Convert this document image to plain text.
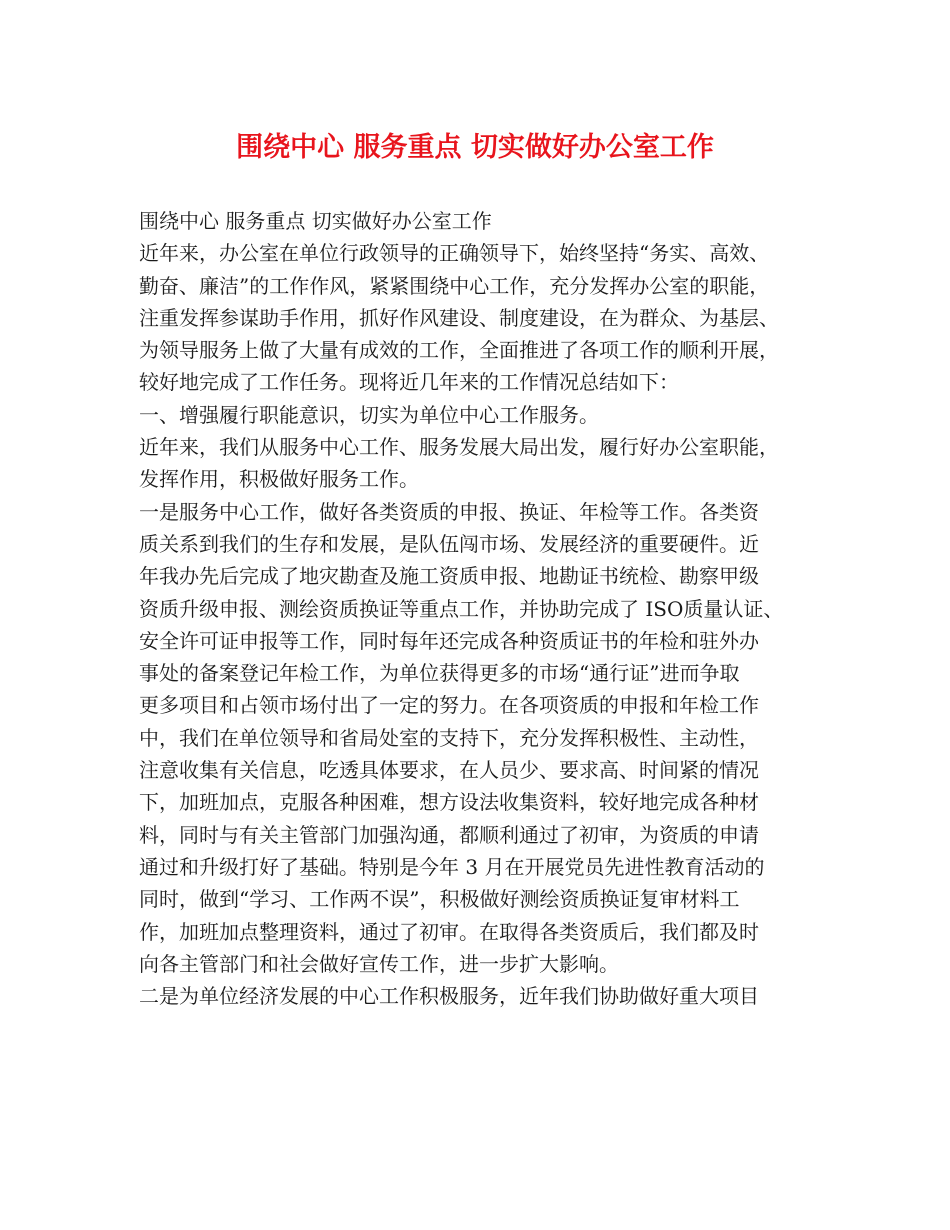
围绕中心 服务重点 切实做好办公室工作
围绕中心 服务重点 切实做好办公室工作
近年来，办公室在单位行政领导的正确领导下，始终坚持“务实、高效、
勤奋、廉洁”的工作作风，紧紧围绕中心工作，充分发挥办公室的职能，
注重发挥参谋助手作用，抓好作风建设、制度建设，在为群众、为基层、
为领导服务上做了大量有成效的工作，全面推进了各项工作的顺利开展，
较好地完成了工作任务。现将近几年来的工作情况总结如下：
一、增强履行职能意识，切实为单位中心工作服务。
近年来，我们从服务中心工作、服务发展大局出发，履行好办公室职能，
发挥作用，积极做好服务工作。
一是服务中心工作，做好各类资质的申报、换证、年检等工作。各类资
质关系到我们的生存和发展，是队伍闯市场、发展经济的重要硬件。近
年我办先后完成了地灾勘查及施工资质申报、地勘证书统检、勘察甲级
资质升级申报、测绘资质换证等重点工作，并协助完成了 ISO质量认证、
安全许可证申报等工作，同时每年还完成各种资质证书的年检和驻外办
事处的备案登记年检工作，为单位获得更多的市场“通行证”进而争取
更多项目和占领市场付出了一定的努力。在各项资质的申报和年检工作
中，我们在单位领导和省局处室的支持下，充分发挥积极性、主动性，
注意收集有关信息，吃透具体要求，在人员少、要求高、时间紧的情况
下，加班加点，克服各种困难，想方设法收集资料，较好地完成各种材
料，同时与有关主管部门加强沟通，都顺利通过了初审，为资质的申请
通过和升级打好了基础。特别是今年 3 月在开展党员先进性教育活动的
同时，做到“学习、工作两不误”，积极做好测绘资质换证复审材料工
作，加班加点整理资料，通过了初审。在取得各类资质后，我们都及时
向各主管部门和社会做好宣传工作，进一步扩大影响。
二是为单位经济发展的中心工作积极服务，近年我们协助做好重大项目
